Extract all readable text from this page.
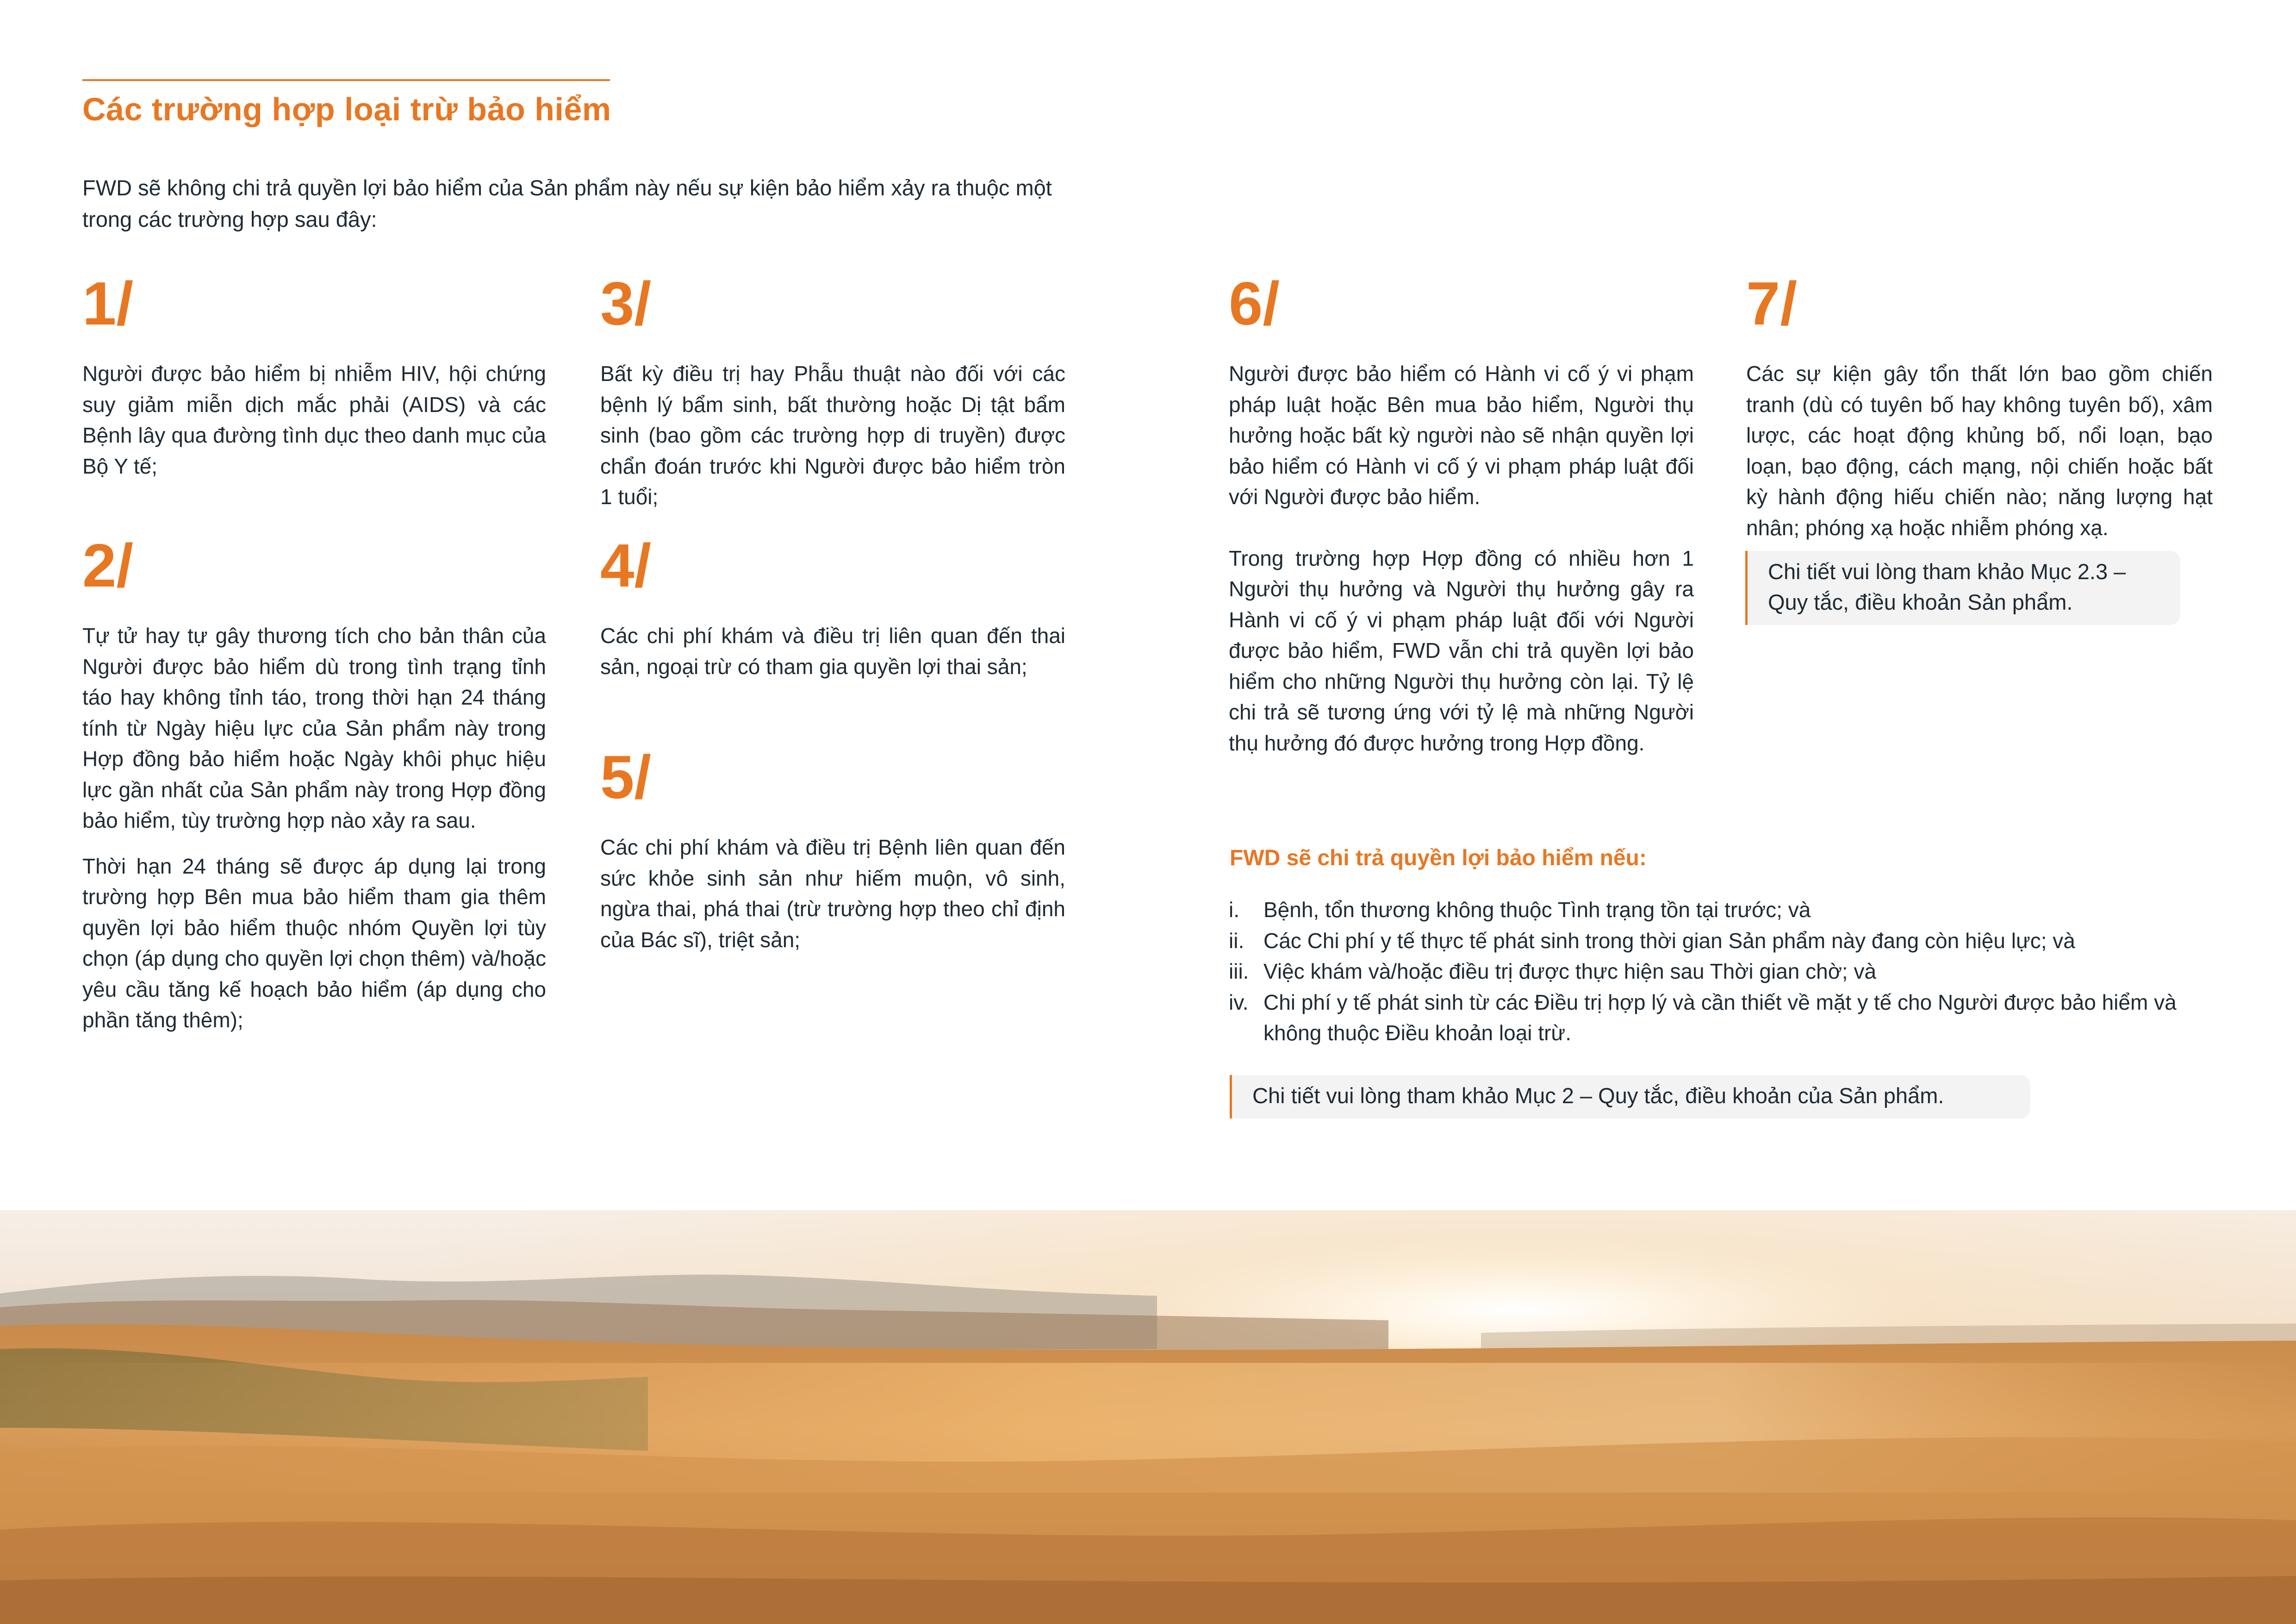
Các trường hợp loại trừ bảo hiểm

FWD sẽ không chi trả quyền lợi bảo hiểm của Sản phẩm này nếu sự kiện bảo hiểm xảy ra thuộc một trong các trường hợp sau đây:

1/

Người được bảo hiểm bị nhiễm HIV, hội chứng suy giảm miễn dịch mắc phải (AIDS) và các Bệnh lây qua đường tình dục theo danh mục của Bộ Y tế;

2/

Tự tử hay tự gây thương tích cho bản thân của Người được bảo hiểm dù trong tình trạng tỉnh táo hay không tỉnh táo, trong thời hạn 24 tháng tính từ Ngày hiệu lực của Sản phẩm này trong Hợp đồng bảo hiểm hoặc Ngày khôi phục hiệu lực gần nhất của Sản phẩm này trong Hợp đồng bảo hiểm, tùy trường hợp nào xảy ra sau.

Thời hạn 24 tháng sẽ được áp dụng lại trong trường hợp Bên mua bảo hiểm tham gia thêm quyền lợi bảo hiểm thuộc nhóm Quyền lợi tùy chọn (áp dụng cho quyền lợi chọn thêm) và/hoặc yêu cầu tăng kế hoạch bảo hiểm (áp dụng cho phần tăng thêm);

3/

Bất kỳ điều trị hay Phẫu thuật nào đối với các bệnh lý bẩm sinh, bất thường hoặc Dị tật bẩm sinh (bao gồm các trường hợp di truyền) được chẩn đoán trước khi Người được bảo hiểm tròn 1 tuổi;

4/

Các chi phí khám và điều trị liên quan đến thai sản, ngoại trừ có tham gia quyền lợi thai sản;

5/

Các chi phí khám và điều trị Bệnh liên quan đến sức khỏe sinh sản như hiếm muộn, vô sinh, ngừa thai, phá thai (trừ trường hợp theo chỉ định của Bác sĩ), triệt sản;

6/

Người được bảo hiểm có Hành vi cố ý vi phạm pháp luật hoặc Bên mua bảo hiểm, Người thụ hưởng hoặc bất kỳ người nào sẽ nhận quyền lợi bảo hiểm có Hành vi cố ý vi phạm pháp luật đối với Người được bảo hiểm.

Trong trường hợp Hợp đồng có nhiều hơn 1 Người thụ hưởng và Người thụ hưởng gây ra Hành vi cố ý vi phạm pháp luật đối với Người được bảo hiểm, FWD vẫn chi trả quyền lợi bảo hiểm cho những Người thụ hưởng còn lại. Tỷ lệ chi trả sẽ tương ứng với tỷ lệ mà những Người thụ hưởng đó được hưởng trong Hợp đồng.

7/

Các sự kiện gây tổn thất lớn bao gồm chiến tranh (dù có tuyên bố hay không tuyên bố), xâm lược, các hoạt động khủng bố, nổi loạn, bạo loạn, bạo động, cách mạng, nội chiến hoặc bất kỳ hành động hiếu chiến nào; năng lượng hạt nhân; phóng xạ hoặc nhiễm phóng xạ.

Chi tiết vui lòng tham khảo Mục 2.3 – Quy tắc, điều khoản Sản phẩm.

FWD sẽ chi trả quyền lợi bảo hiểm nếu:

i.	Bệnh, tổn thương không thuộc Tình trạng tồn tại trước; và
ii. Các Chi phí y tế thực tế phát sinh trong thời gian Sản phẩm này đang còn hiệu lực; và
iii. Việc khám và/hoặc điều trị được thực hiện sau Thời gian chờ; và
iv. Chi phí y tế phát sinh từ các Điều trị hợp lý và cần thiết về mặt y tế cho Người được bảo hiểm và không thuộc Điều khoản loại trừ.
Chi tiết vui lòng tham khảo Mục 2 – Quy tắc, điều khoản của Sản phẩm.
